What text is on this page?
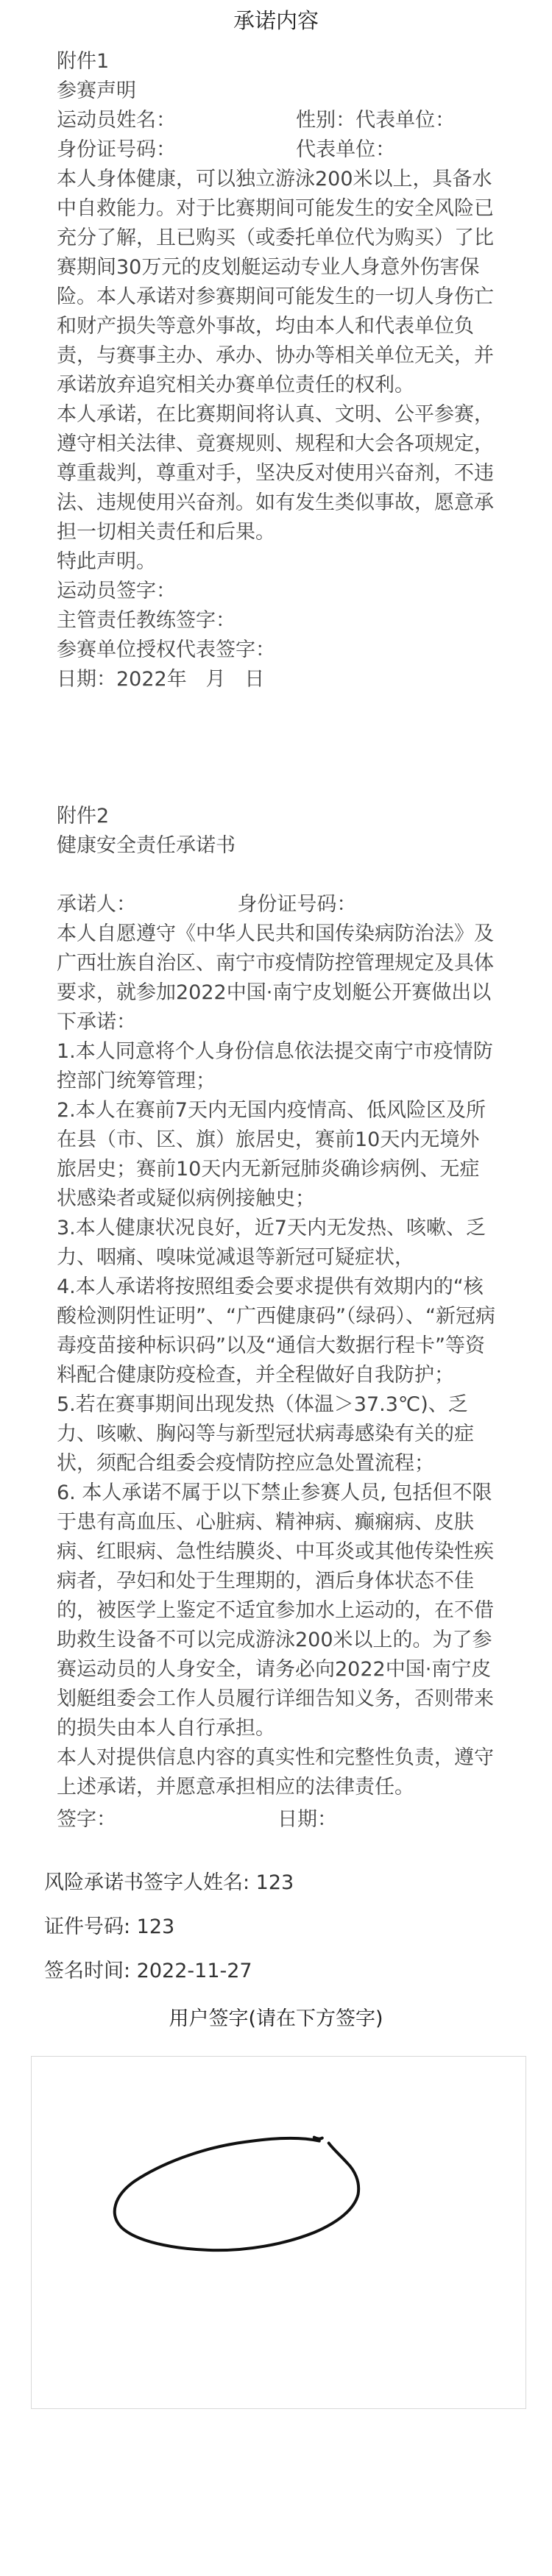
承诺内容

附件1

参赛声明

运动员姓名：                   性别：代表单位：

身份证号码：                   代表单位：

本人身体健康，可以独立游泳200米以上，具备水中自救能力。对于比赛期间可能发生的安全风险已充分了解，且已购买（或委托单位代为购买）了比赛期间30万元的皮划艇运动专业人身意外伤害保险。本人承诺对参赛期间可能发生的一切人身伤亡和财产损失等意外事故，均由本人和代表单位负责，与赛事主办、承办、协办等相关单位无关，并承诺放弃追究相关办赛单位责任的权利。

本人承诺，在比赛期间将认真、文明、公平参赛，遵守相关法律、竟赛规则、规程和大会各项规定，尊重裁判，尊重对手，坚决反对使用兴奋剂，不违法、违规使用兴奋剂。如有发生类似事故，愿意承担一切相关责任和后果。

特此声明。

运动员签字：

主管责任教练签字：

参赛单位授权代表签字：

日期：2022年   月   日

附件2

健康安全责任承诺书

承诺人：                身份证号码：

本人自愿遵守《中华人民共和国传染病防治法》及广西壮族自治区、南宁市疫情防控管理规定及具体要求，就参加2022中国·南宁皮划艇公开赛做出以下承诺：

1.本人同意将个人身份信息依法提交南宁市疫情防控部门统筹管理；

2.本人在赛前7天内无国内疫情高、低风险区及所在县（市、区、旗）旅居史，赛前10天内无境外旅居史；赛前10天内无新冠肺炎确诊病例、无症状感染者或疑似病例接触史；

3.本人健康状况良好，近7天内无发热、咳嗽、乏力、咽痛、嗅味觉减退等新冠可疑症状，

4.本人承诺将按照组委会要求提供有效期内的“核酸检测阴性证明”、“广西健康码”（绿码）、“新冠病毒疫苗接种标识码”以及“通信大数据行程卡”等资料配合健康防疫检查，并全程做好自我防护；

5.若在赛事期间出现发热（体温＞37.3℃)、乏力、咳嗽、胸闷等与新型冠状病毒感染有关的症状，须配合组委会疫情防控应急处置流程；

6. 本人承诺不属于以下禁止参赛人员, 包括但不限于患有高血压、心脏病、精神病、癫痫病、皮肤病、红眼病、急性结膜炎、中耳炎或其他传染性疾病者，孕妇和处于生理期的，酒后身体状态不佳的，被医学上鉴定不适宜参加水上运动的，在不借助救生设备不可以完成游泳200米以上的。为了参赛运动员的人身安全，请务必向2022中国·南宁皮划艇组委会工作人员履行详细告知义务，否则带来的损失由本人自行承担。

本人对提供信息内容的真实性和完整性负责，遵守上述承诺，并愿意承担相应的法律责任。

签字：	日期：
风险承诺书签字人姓名: 123
证件号码: 123
签名时间: 2022-11-27
用户签字(请在下方签字)
